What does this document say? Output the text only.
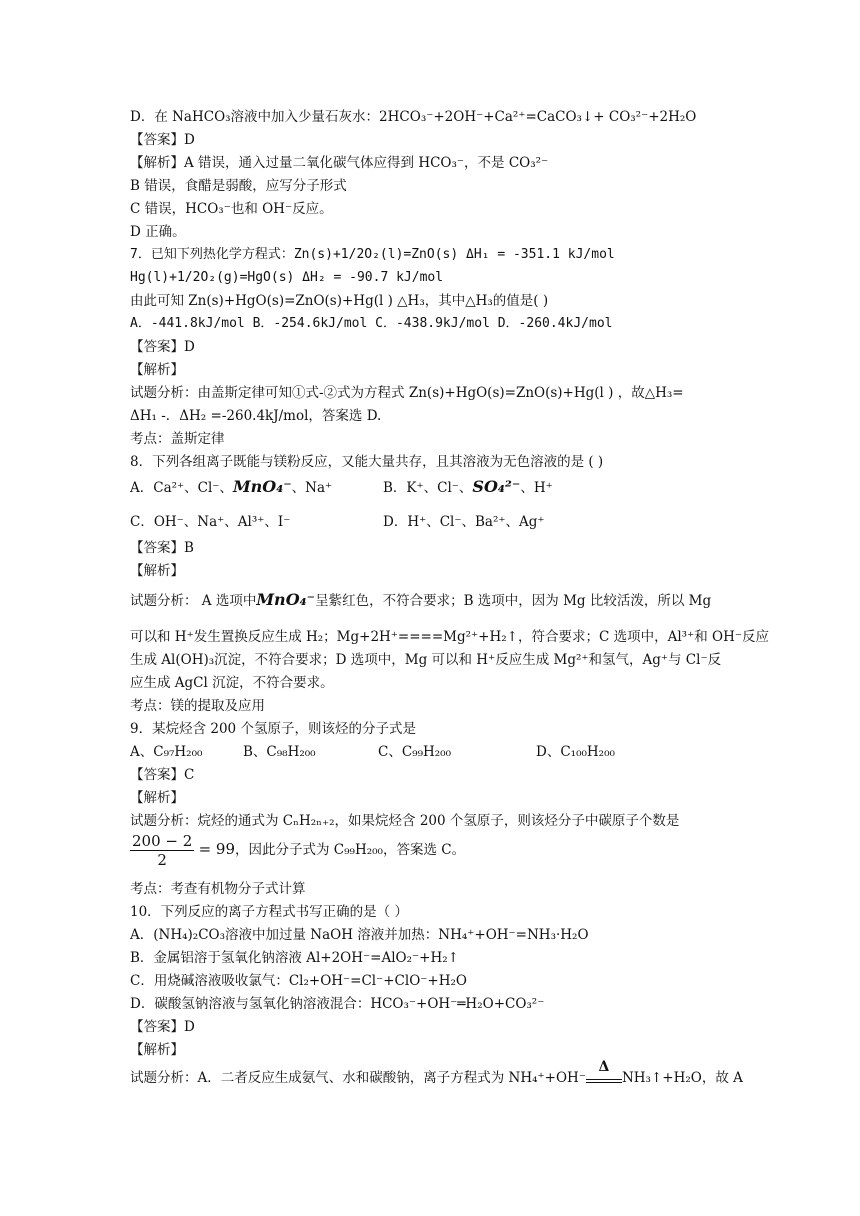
D．在 NaHCO₃溶液中加入少量石灰水：2HCO₃⁻+2OH⁻+Ca²⁺=CaCO₃↓+ CO₃²⁻+2H₂O
【答案】D
【解析】A 错误，通入过量二氧化碳气体应得到 HCO₃⁻，不是 CO₃²⁻
B 错误，食醋是弱酸，应写分子形式
C 错误，HCO₃⁻也和 OH⁻反应。
D 正确。
7．已知下列热化学方程式：Zn(s)+1/2O₂(l)=ZnO(s) ΔH₁ = -351.1 kJ/mol
Hg(l)+1/2O₂(g)=HgO(s) ΔH₂ = -90.7 kJ/mol
由此可知 Zn(s)+HgO(s)=ZnO(s)+Hg(l ) △H₃，其中△H₃的值是( )
A．-441.8kJ/mol B．-254.6kJ/mol C．-438.9kJ/mol D．-260.4kJ/mol
【答案】D
【解析】
试题分析：由盖斯定律可知①式-②式为方程式 Zn(s)+HgO(s)=ZnO(s)+Hg(l ) ，故△H₃=
ΔH₁ -．ΔH₂ =-260.4kJ/mol，答案选 D.
考点：盖斯定律
8．下列各组离子既能与镁粉反应，又能大量共存，且其溶液为无色溶液的是 ( )
【答案】B
【解析】
可以和 H⁺发生置换反应生成 H₂；Mg+2H⁺====Mg²⁺+H₂↑，符合要求；C 选项中，Al³⁺和 OH⁻反应
生成 Al(OH)₃沉淀，不符合要求；D 选项中，Mg 可以和 H⁺反应生成 Mg²⁺和氢气，Ag⁺与 Cl⁻反
应生成 AgCl 沉淀，不符合要求。
考点：镁的提取及应用
9．某烷烃含 200 个氢原子，则该烃的分子式是
【答案】C
【解析】
试题分析：烷烃的通式为 CₙH₂ₙ₊₂，如果烷烃含 200 个氢原子，则该烃分子中碳原子个数是
考点：考查有机物分子式计算
10．下列反应的离子方程式书写正确的是（ ）
A．(NH₄)₂CO₃溶液中加过量 NaOH 溶液并加热：NH₄⁺+OH⁻=NH₃·H₂O
B．金属铝溶于氢氧化钠溶液 Al+2OH⁻=AlO₂⁻+H₂↑
C．用烧碱溶液吸收氯气：Cl₂+OH⁻=Cl⁻+ClO⁻+H₂O
D．碳酸氢钠溶液与氢氧化钠溶液混合：HCO₃⁻+OH⁻═H₂O+CO₃²⁻
【答案】D
【解析】
A．Ca²⁺、Cl⁻、MnO₄⁻、Na⁺	B．K⁺、Cl⁻、SO₄²⁻、H⁺
C．OH⁻、Na⁺、Al³⁺、I⁻	D．H⁺、Cl⁻、Ba²⁺、Ag⁺
试题分析： A 选项中MnO₄⁻呈紫红色，不符合要求；B 选项中，因为 Mg 比较活泼，所以 Mg
A、C₉₇H₂₀₀	B、C₉₈H₂₀₀	C、C₉₉H₂₀₀	D、C₁₀₀H₂₀₀
$\frac{200 - 2}{2} = 99$，因此分子式为 C₉₉H₂₀₀，答案选 C。
试题分析：A．二者反应生成氨气、水和碳酸钠，离子方程式为 NH₄⁺+OH⁻
Δ
NH₃↑+H₂O，故 A
